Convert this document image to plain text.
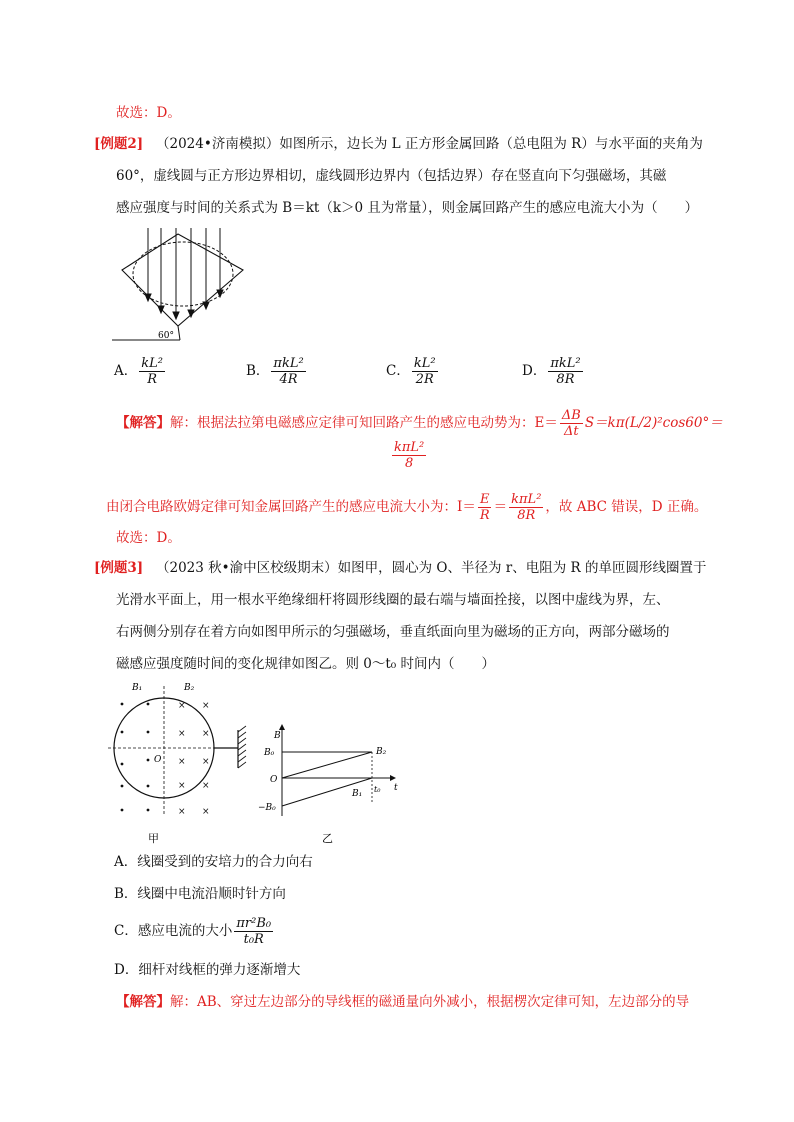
故选：D。
[例题2] （2024•济南模拟）如图所示，边长为 L 正方形金属回路（总电阻为 R）与水平面的夹角为
60°，虚线圆与正方形边界相切，虚线圆形边界内（包括边界）存在竖直向下匀强磁场，其磁
感应强度与时间的关系式为 B＝kt（k＞0 且为常量），则金属回路产生的感应电流大小为（　　）
60°
A． $\frac{\text{kL²}}{R}$	B． $\frac{\text{πkL²}}{4R}$	C． $\frac{\text{kL²}}{2R}$	D． $\frac{\text{πkL²}}{8R}$
【解答】解：根据法拉第电磁感应定律可知回路产生的感应电动势为：$E= \frac{\Delta B}{\Delta t} S=k\pi(L/2)^2\cos 60^\circ=$
$\frac{\text{kπL²}}{8}$
由闭合电路欧姆定律可知金属回路产生的感应电流大小为：$I= \frac{E}{R} = \frac{\text{kπL²}}{8R}$ ，故 ABC 错误，D 正确。
故选：D。
[例题3] （2023 秋•渝中区校级期末）如图甲，圆心为 O、半径为 r、电阻为 R 的单匝圆形线圈置于
光滑水平面上，用一根水平绝缘细杆将圆形线圈的最右端与墙面拴接，以图中虚线为界，左、
右两侧分别存在着方向如图甲所示的匀强磁场，垂直纸面向里为磁场的正方向，两部分磁场的
磁感应强度随时间的变化规律如图乙。则 0～t₀ 时间内（　　）
× ×
× ×
× ×
× ×
× ×
B₁	B₂
O
甲
B
B₀
O
−B₀
B₂
B₁
t
t₀
乙
A．线圈受到的安培力的合力向右
B．线圈中电流沿顺时针方向
C．感应电流的大小 $\frac{\text{πr²B₀}}{\text{t₀R}}$
D．细杆对线框的弹力逐渐增大
【解答】解：AB、穿过左边部分的导线框的磁通量向外减小，根据楞次定律可知，左边部分的导
